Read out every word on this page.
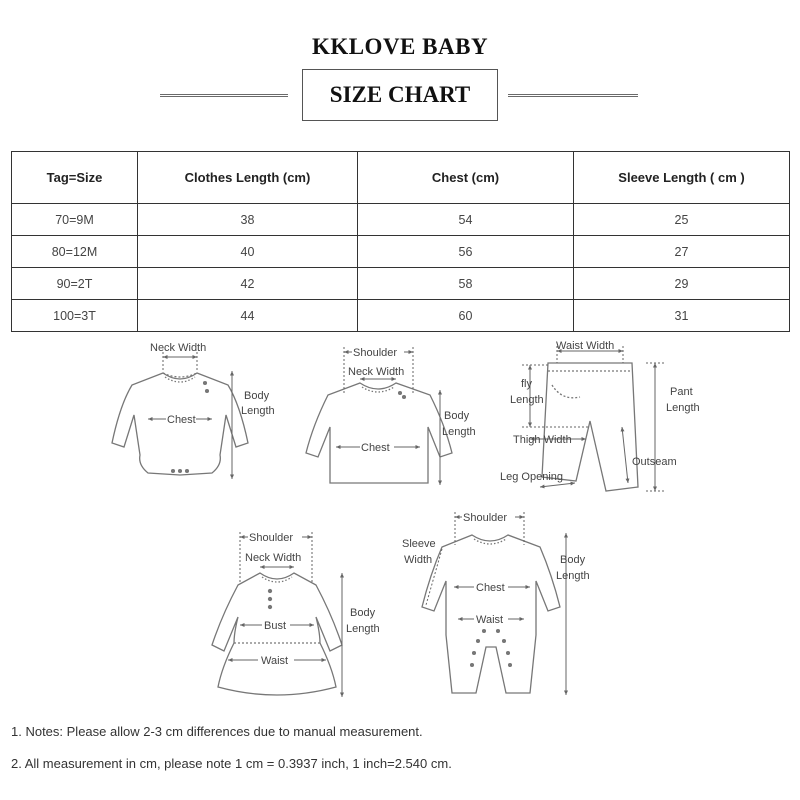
KKLOVE BABY
SIZE CHART
Tag=Size	Clothes Length (cm)	Chest (cm)	Sleeve Length ( cm )
70=9M	38	54	25
80=12M	40	56	27
90=2T	42	58	29
100=3T	44	60	31
Neck Width
Body
Length
Chest
Shoulder
Neck Width
Body
Length
Chest
Waist Width
fly
Length
Pant
Length
Thigh Width
Outseam
Leg Opening
Shoulder
Neck Width
Body
Length
Bust
Waist
Shoulder
Sleeve
Width	Body
Length
Chest
Waist
1. Notes: Please allow 2-3 cm differences due to manual measurement.
2. All measurement in cm, please note 1 cm = 0.3937 inch, 1 inch=2.540 cm.
